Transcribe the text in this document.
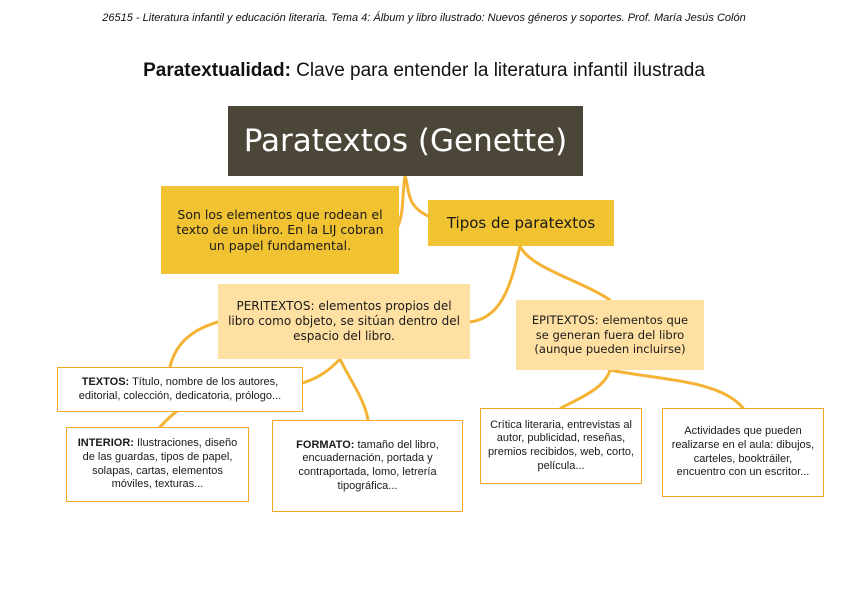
26515 - Literatura infantil y educación literaria. Tema 4: Álbum y libro ilustrado: Nuevos géneros y soportes. Prof. María Jesús Colón
Paratextualidad: Clave para entender la literatura infantil ilustrada
Paratextos (Genette)
Son los elementos que rodean el texto de un libro. En la LIJ cobran un papel fundamental.
Tipos de paratextos
PERITEXTOS: elementos propios del libro como objeto, se sitúan dentro del espacio del libro.
EPITEXTOS: elementos que se generan fuera del libro (aunque pueden incluirse)
TEXTOS: Título, nombre de los autores, editorial, colección, dedicatoria, prólogo...
INTERIOR: Ilustraciones, diseño de las guardas, tipos de papel, solapas, cartas, elementos móviles, texturas...
FORMATO: tamaño del libro, encuadernación, portada y contraportada, lomo, letrería tipográfica...
Crítica literaria, entrevistas al autor, publicidad, reseñas, premios recibidos, web, corto, película...
Actividades que pueden realizarse en el aula: dibujos, carteles, booktráiler, encuentro con un escritor...
